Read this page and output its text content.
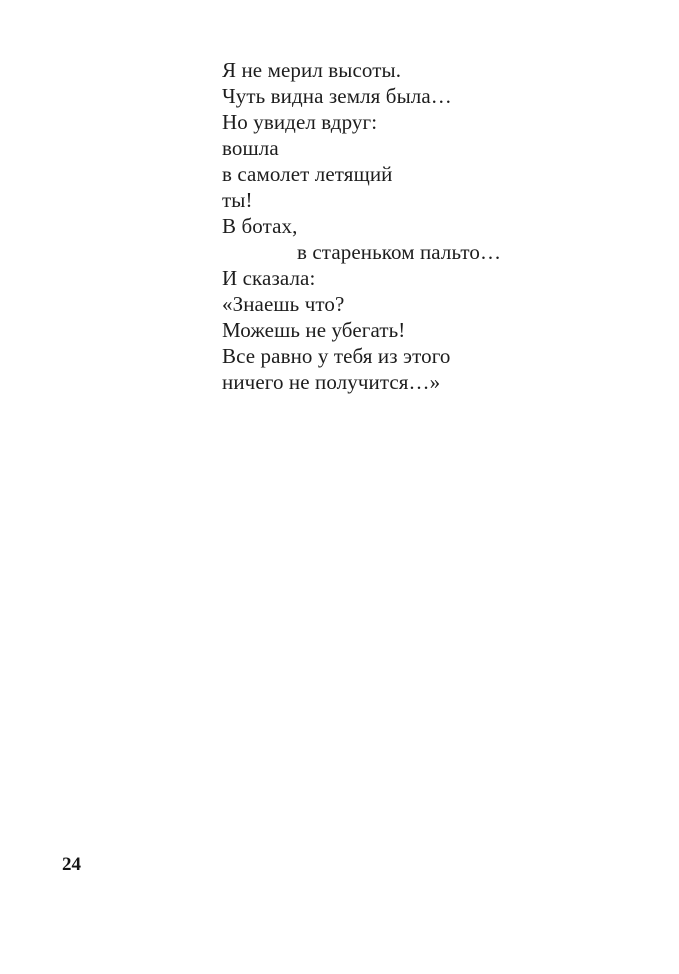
Я не мерил высоты.
Чуть видна земля была…
Но увидел вдруг:
вошла
в самолет летящий
ты!
В ботах,
в стареньком пальто…
И сказала:
«Знаешь что?
Можешь не убегать!
Все равно у тебя из этого
ничего не получится…»
24
